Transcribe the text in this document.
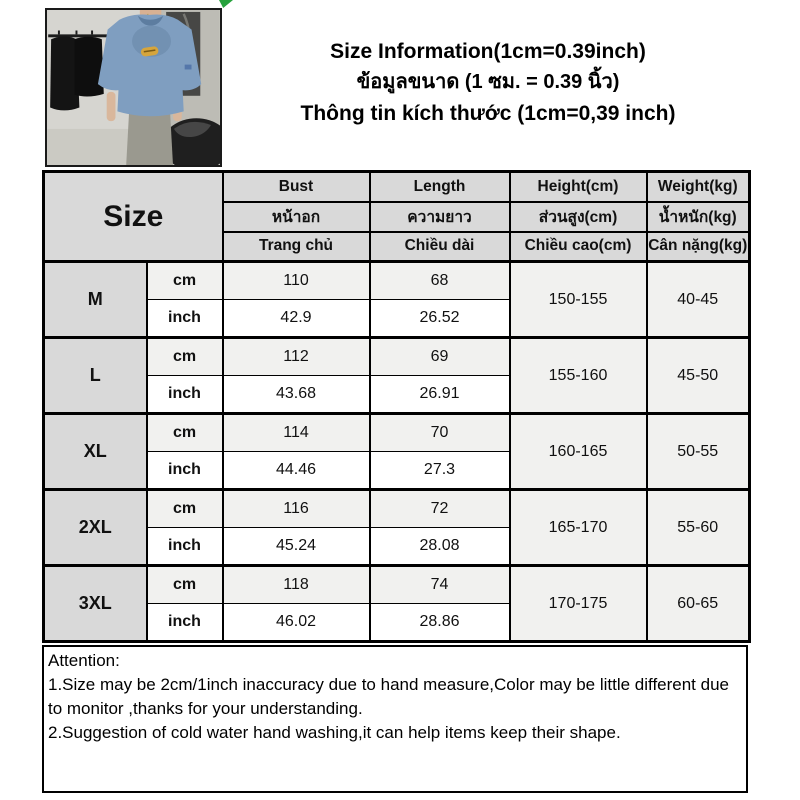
Size Information(1cm=0.39inch)
ข้อมูลขนาด (1 ซม. = 0.39 นิ้ว)
Thông tin kích thước (1cm=0,39 inch)
Size		Bust	Length	Height(cm)	Weight(kg)
		หน้าอก	ความยาว	ส่วนสูง(cm)	น้ำหนัก(kg)
		Trang chủ	Chiều dài	Chiều cao(cm)	Cân nặng(kg)
M	cm	110	68	150-155	40-45
	inch	42.9	26.52		
L	cm	112	69	155-160	45-50
	inch	43.68	26.91		
XL	cm	114	70	160-165	50-55
	inch	44.46	27.3		
2XL	cm	116	72	165-170	55-60
	inch	45.24	28.08		
3XL	cm	118	74	170-175	60-65
	inch	46.02	28.86		
Attention:
1.Size may be 2cm/1inch inaccuracy due to hand measure,Color may be little different due to monitor ,thanks for your understanding.
2.Suggestion of cold water hand washing,it can help items keep their shape.
